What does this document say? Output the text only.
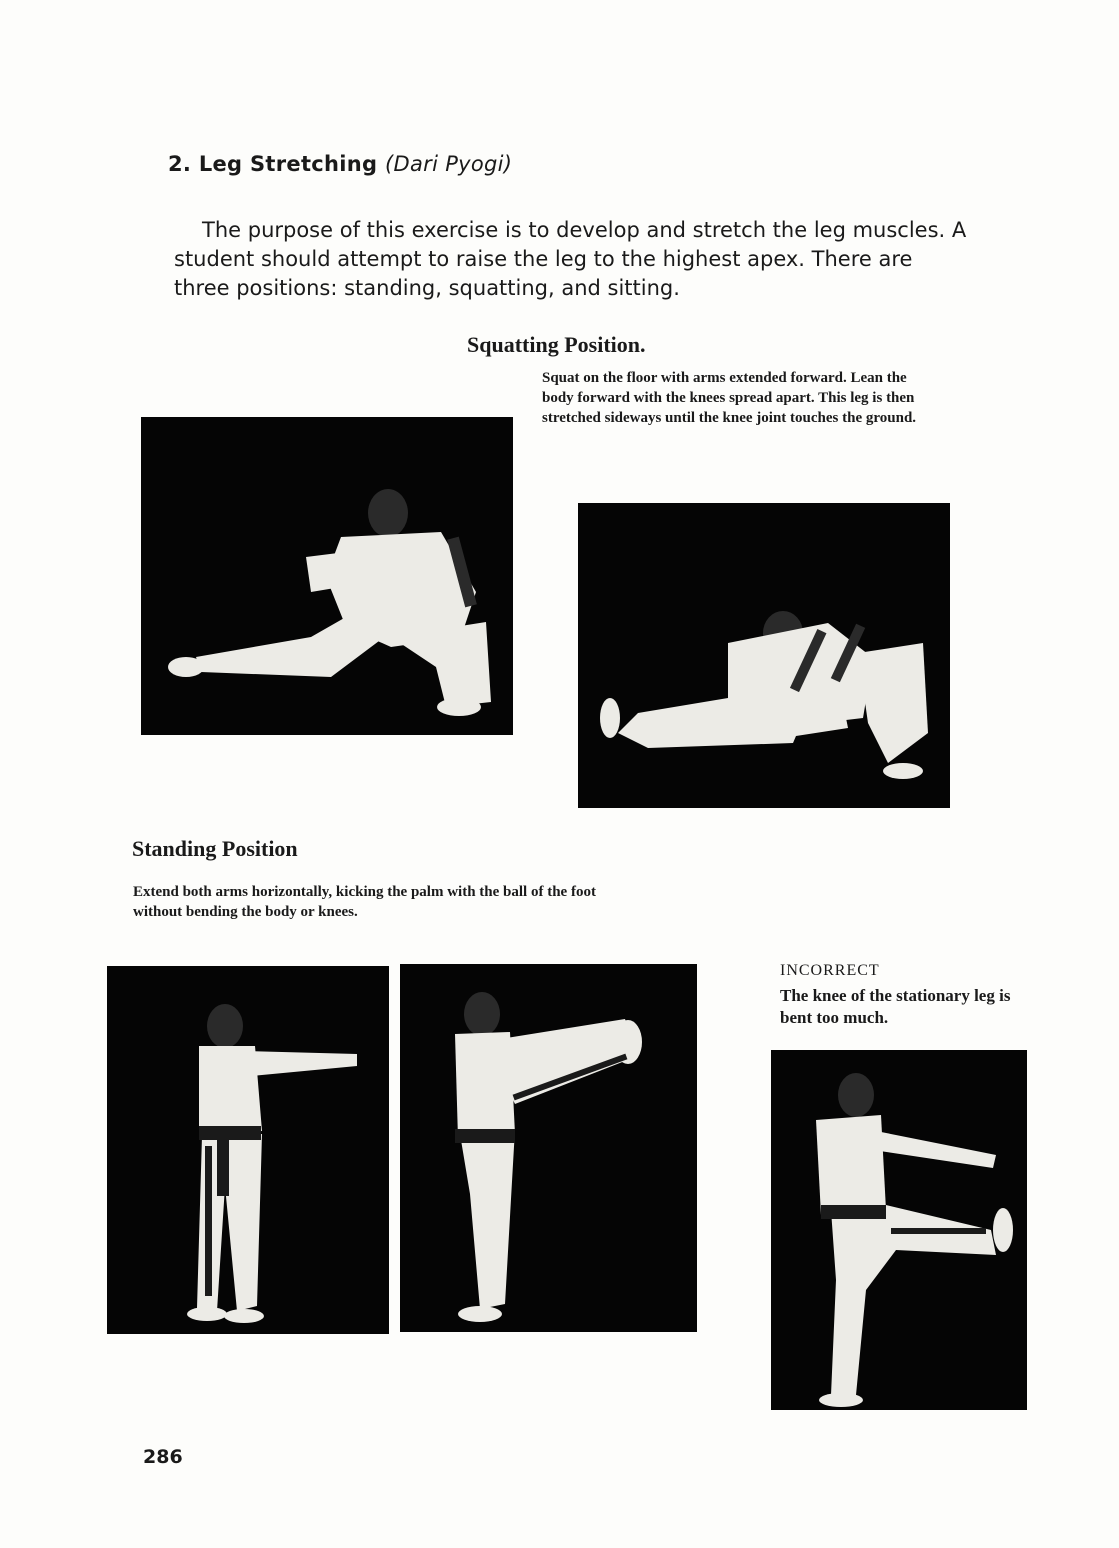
2. Leg Stretching (Dari Pyogi)

The purpose of this exercise is to develop and stretch the leg muscles. A student should attempt to raise the leg to the highest apex. There are three positions: standing, squatting, and sitting.

Squatting Position.

Squat on the floor with arms extended forward. Lean the body forward with the knees spread apart. This leg is then stretched sideways until the knee joint touches the ground.

Standing Position

Extend both arms horizontally, kicking the palm with the ball of the foot without bending the body or knees.

INCORRECT

The knee of the stationary leg is bent too much.

286
